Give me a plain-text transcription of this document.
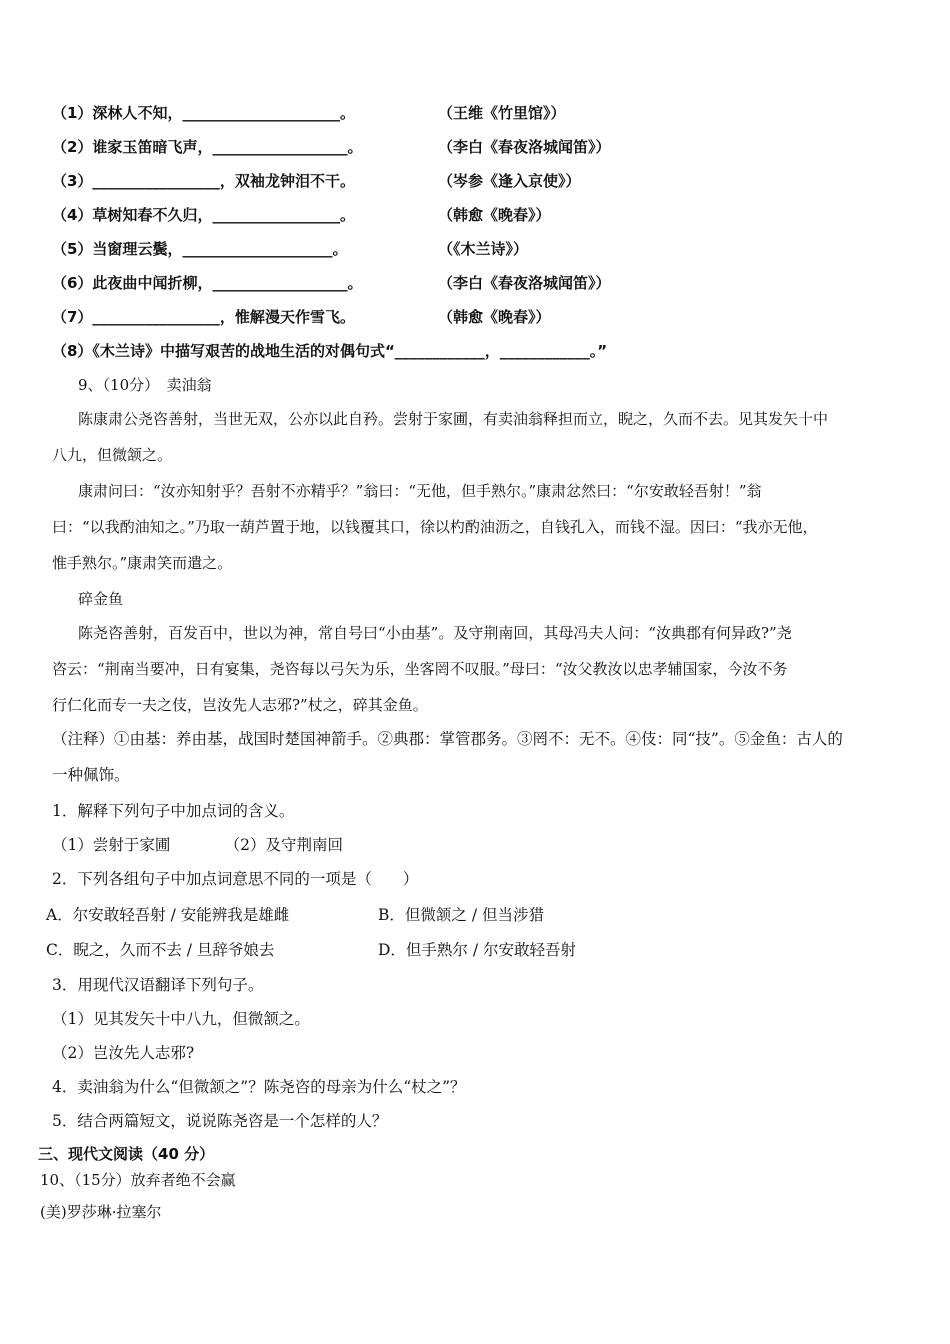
（1）深林人不知，_____________________。	（王维《竹里馆》）
（2）谁家玉笛暗飞声，__________________。	（李白《春夜洛城闻笛》）
（3）_________________，双袖龙钟泪不干。	（岑参《逢入京使》）
（4）草树知春不久归，_________________。	（韩愈《晚春》）
（5）当窗理云鬓，____________________。	（《木兰诗》）
（6）此夜曲中闻折柳，__________________。	（李白《春夜洛城闻笛》）
（7）_________________，惟解漫天作雪飞。	（韩愈《晚春》）
（8）《木兰诗》中描写艰苦的战地生活的对偶句式“____________，____________。”
9、（10分）　卖油翁
陈康肃公尧咨善射，当世无双，公亦以此自矜。尝射于家圃，有卖油翁释担而立，睨之，久而不去。见其发矢十中
八九，但微颔之。
康肃问曰：“汝亦知射乎？吾射不亦精乎？”翁曰：“无他，但手熟尔。”康肃忿然曰：“尔安敢轻吾射！”翁
曰：“以我酌油知之。”乃取一葫芦置于地，以钱覆其口，徐以杓酌油沥之，自钱孔入，而钱不湿。因曰：“我亦无他，
惟手熟尔。”康肃笑而遣之。
碎金鱼
陈尧咨善射，百发百中，世以为神，常自号曰“小由基”。及守荆南回，其母冯夫人问：“汝典郡有何异政?”尧
咨云：“荆南当要冲，日有宴集，尧咨每以弓矢为乐，坐客罔不叹服。”母曰：“汝父教汝以忠孝辅国家，今汝不务
行仁化而专一夫之伎，岂汝先人志邪?”杖之，碎其金鱼。
（注释）①由基：养由基，战国时楚国神箭手。②典郡：掌管郡务。③罔不：无不。④伎：同“技”。⑤金鱼：古人的
一种佩饰。
1．解释下列句子中加点词的含义。
（1）尝射于家圃　　　　（2）及守荆南回
2．下列各组句子中加点词意思不同的一项是（　　）
A．尔安敢轻吾射 / 安能辨我是雄雌	B．但微颔之 / 但当涉猎
C．睨之，久而不去 / 旦辞爷娘去	D．但手熟尔 / 尔安敢轻吾射
3．用现代汉语翻译下列句子。
（1）见其发矢十中八九，但微颔之。
（2）岂汝先人志邪?
4．卖油翁为什么“但微颔之”？陈尧咨的母亲为什么“杖之”？
5．结合两篇短文，说说陈尧咨是一个怎样的人？
三、现代文阅读（40 分）
10、（15分）放弃者绝不会赢
(美)罗莎琳·拉塞尔
